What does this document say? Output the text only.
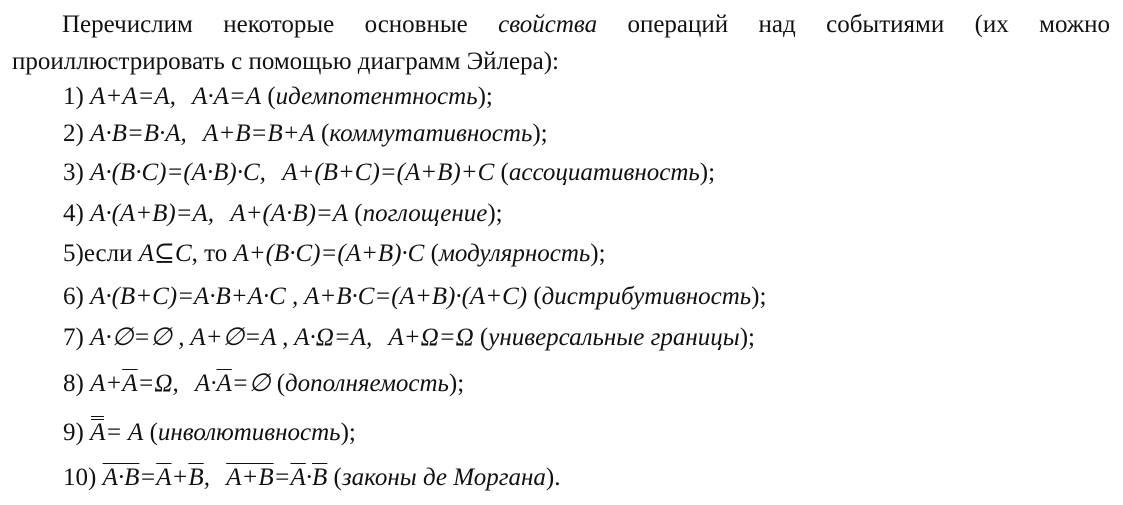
Перечислим некоторые основные свойства операций над событиями (их можно
проиллюстрировать с помощью диаграмм Эйлера):

1) A+A=A, A·A=A (идемпотентность);
2) A·B=B·A, A+B=B+A (коммутативность);
3) A·(B·C)=(A·B)·C, A+(B+C)=(A+B)+C (ассоциативность);
4) A·(A+B)=A, A+(A·B)=A (поглощение);
5)если A⊆C, то A+(B·C)=(A+B)·C (модулярность);
6) A·(B+C)=A·B+A·C , A+B·C=(A+B)·(A+C) (дистрибутивность);
7) A·∅=∅ , A+∅=A , A·Ω=A, A+Ω=Ω (универсальные границы);
8) $A+\overline{A}=\Omega$, $A\cdot\overline{A}=\emptyset$ (дополняемость);
9) A= A (инволютивность);
10) $A\cdot B=\overline{A}+\overline{B}$, $A+B=\overline{A}\cdot\overline{B}$ (законы де Моргана).
